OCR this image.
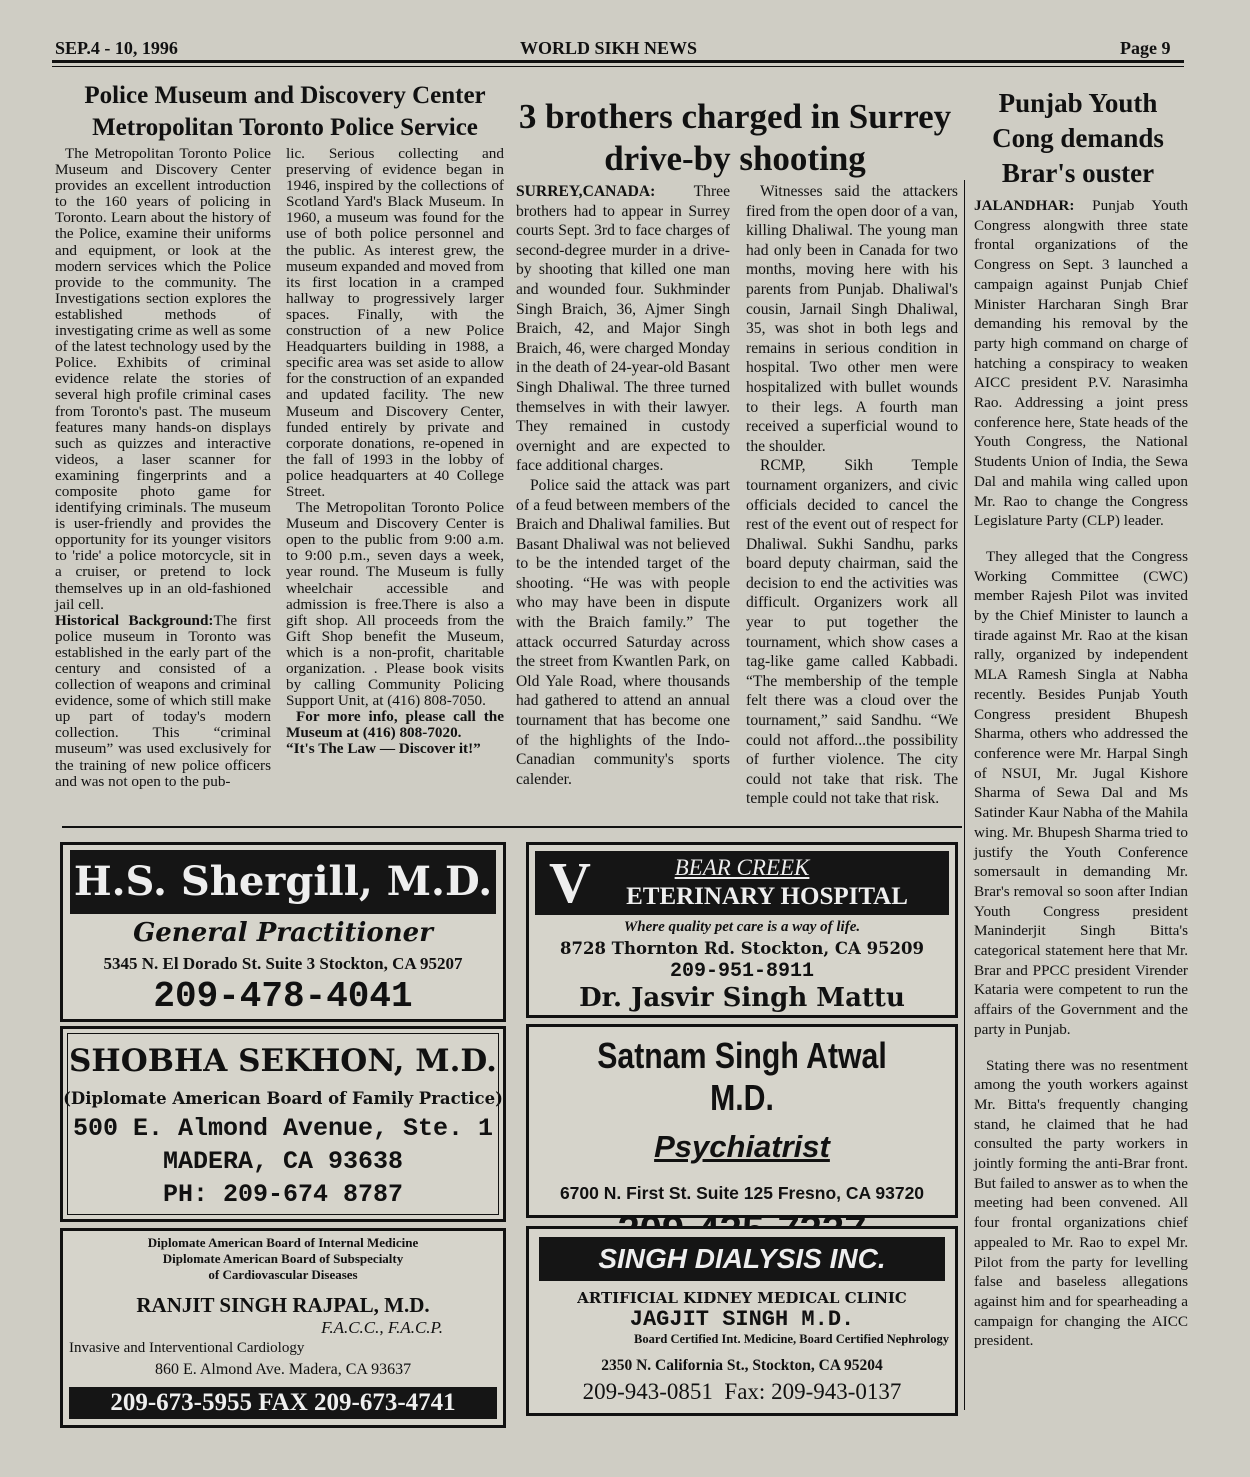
SEP.4 - 10, 1996	WORLD SIKH NEWS	Page 9
Police Museum and Discovery Center
Metropolitan Toronto Police Service

The Metropolitan Toronto Police Museum and Discovery Center provides an excellent introduction to the 160 years of policing in Toronto. Learn about the history of the Police, examine their uniforms and equipment, or look at the modern services which the Police provide to the community. The Investigations section explores the established methods of investigating crime as well as some of the latest technology used by the Police. Exhibits of criminal evidence relate the stories of several high profile criminal cases from Toronto's past. The museum features many hands-on displays such as quizzes and interactive videos, a laser scanner for examining fingerprints and a composite photo game for identifying criminals. The museum is user-friendly and provides the opportunity for its younger visitors to 'ride' a police motorcycle, sit in a cruiser, or pretend to lock themselves up in an old-fashioned jail cell.

Historical Background:The first police museum in Toronto was established in the early part of the century and consisted of a collection of weapons and criminal evidence, some of which still make up part of today's modern collection. This “criminal museum” was used exclusively for the training of new police officers and was not open to the pub-

lic. Serious collecting and preserving of evidence began in 1946, inspired by the collections of Scotland Yard's Black Museum. In 1960, a museum was found for the use of both police personnel and the public. As interest grew, the museum expanded and moved from its first location in a cramped hallway to progressively larger spaces. Finally, with the construction of a new Police Headquarters building in 1988, a specific area was set aside to allow for the construction of an expanded and updated facility. The new Museum and Discovery Center, funded entirely by private and corporate donations, re-opened in the fall of 1993 in the lobby of police headquarters at 40 College Street.

The Metropolitan Toronto Police Museum and Discovery Center is open to the public from 9:00 a.m. to 9:00 p.m., seven days a week, year round. The Museum is fully wheelchair accessible and admission is free.There is also a gift shop. All proceeds from the Gift Shop benefit the Museum, which is a non-profit, charitable organization. . Please book visits by calling Community Policing Support Unit, at (416) 808-7050.

For more info, please call the Museum at (416) 808-7020.

“It's The Law — Discover it!”

3 brothers charged in Surrey
drive-by shooting

SURREY,CANADA: Three brothers had to appear in Surrey courts Sept. 3rd to face charges of second-degree murder in a drive-by shooting that killed one man and wounded four. Sukhminder Singh Braich, 36, Ajmer Singh Braich, 42, and Major Singh Braich, 46, were charged Monday in the death of 24-year-old Basant Singh Dhaliwal. The three turned themselves in with their lawyer. They remained in custody overnight and are expected to face additional charges.

Police said the attack was part of a feud between members of the Braich and Dhaliwal families. But Basant Dhaliwal was not believed to be the intended target of the shooting. “He was with people who may have been in dispute with the Braich family.” The attack occurred Saturday across the street from Kwantlen Park, on Old Yale Road, where thousands had gathered to attend an annual tournament that has become one of the highlights of the Indo-Canadian community's sports calender.

Witnesses said the attackers fired from the open door of a van, killing Dhaliwal. The young man had only been in Canada for two months, moving here with his parents from Punjab. Dhaliwal's cousin, Jarnail Singh Dhaliwal, 35, was shot in both legs and remains in serious condition in hospital. Two other men were hospitalized with bullet wounds to their legs. A fourth man received a superficial wound to the shoulder.

RCMP, Sikh Temple tournament organizers, and civic officials decided to cancel the rest of the event out of respect for Dhaliwal. Sukhi Sandhu, parks board deputy chairman, said the decision to end the activities was difficult. Organizers work all year to put together the tournament, which show cases a tag-like game called Kabbadi. “The membership of the temple felt there was a cloud over the tournament,” said Sandhu. “We could not afford...the possibility of further violence. The city could not take that risk. The temple could not take that risk.

Punjab Youth
Cong demands
Brar's ouster

JALANDHAR: Punjab Youth Congress alongwith three state frontal organizations of the Congress on Sept. 3 launched a campaign against Punjab Chief Minister Harcharan Singh Brar demanding his removal by the party high command on charge of hatching a conspiracy to weaken AICC president P.V. Narasimha Rao. Addressing a joint press conference here, State heads of the Youth Congress, the National Students Union of India, the Sewa Dal and mahila wing called upon Mr. Rao to change the Congress Legislature Party (CLP) leader.

They alleged that the Congress Working Committee (CWC) member Rajesh Pilot was invited by the Chief Minister to launch a tirade against Mr. Rao at the kisan rally, organized by independent MLA Ramesh Singla at Nabha recently. Besides Punjab Youth Congress president Bhupesh Sharma, others who addressed the conference were Mr. Harpal Singh of NSUI, Mr. Jugal Kishore Sharma of Sewa Dal and Ms Satinder Kaur Nabha of the Mahila wing. Mr. Bhupesh Sharma tried to justify the Youth Conference somersault in demanding Mr. Brar's removal so soon after Indian Youth Congress president Maninderjit Singh Bitta's categorical statement here that Mr. Brar and PPCC president Virender Kataria were competent to run the affairs of the Government and the party in Punjab.

Stating there was no resentment among the youth workers against Mr. Bitta's frequently changing stand, he claimed that he had consulted the party workers in jointly forming the anti-Brar front. But failed to answer as to when the meeting had been convened. All four frontal organizations chief appealed to Mr. Rao to expel Mr. Pilot from the party for levelling false and baseless allegations against him and for spearheading a campaign for changing the AICC president.

H.S. Shergill, M.D.
General Practitioner
5345 N. El Dorado St. Suite 3 Stockton, CA 95207
209-478-4041
SHOBHA SEKHON, M.D.
(Diplomate American Board of Family Practice)
500 E. Almond Avenue, Ste. 1
MADERA, CA 93638
PH: 209-674 8787
Diplomate American Board of Internal Medicine
Diplomate American Board of Subspecialty
of Cardiovascular Diseases
RANJIT SINGH RAJPAL, M.D.
F.A.C.C., F.A.C.P.
Invasive and Interventional Cardiology
860 E. Almond Ave. Madera, CA 93637
209-673-5955 FAX 209-673-4741
V	BEAR CREEK
ETERINARY HOSPITAL
Where quality pet care is a way of life.
8728 Thornton Rd. Stockton, CA 95209
209-951-8911
Dr. Jasvir Singh Mattu
Satnam Singh Atwal M.D.
Psychiatrist
6700 N. First St. Suite 125 Fresno, CA 93720
SINGH DIALYSIS INC.
ARTIFICIAL KIDNEY MEDICAL CLINIC
JAGJIT SINGH M.D.
Board Certified Int. Medicine, Board Certified Nephrology
2350 N. California St., Stockton, CA 95204
209-943-0851  Fax: 209-943-0137
